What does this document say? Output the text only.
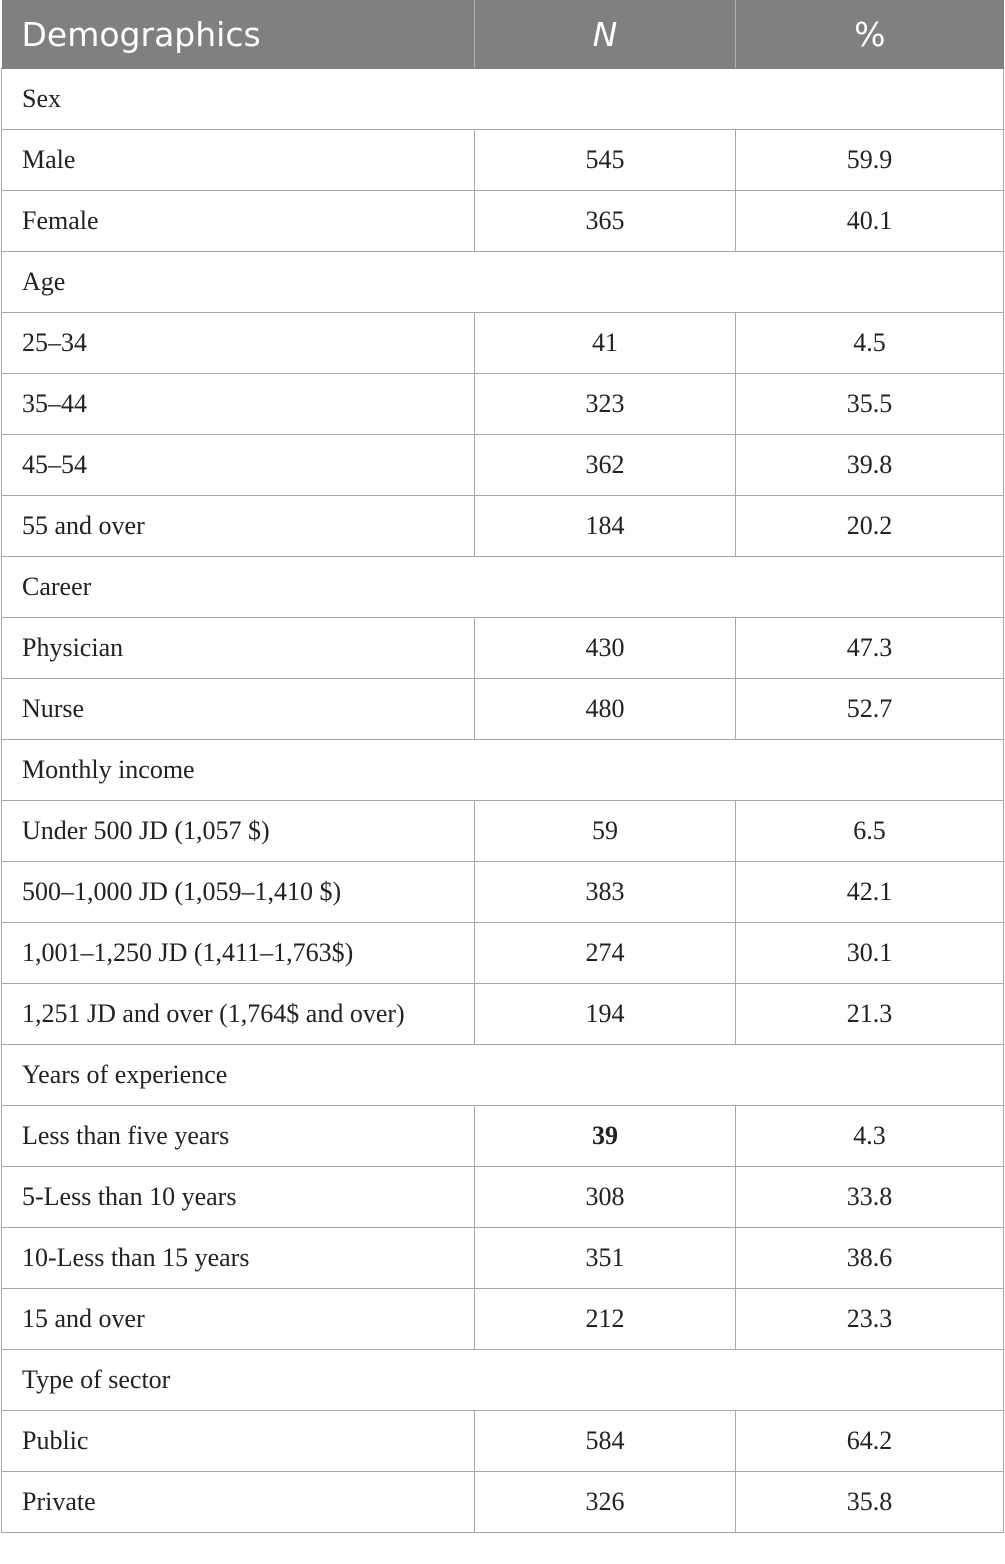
Demographics	N	%
Sex		
Male	545	59.9
Female	365	40.1
Age		
25–34	41	4.5
35–44	323	35.5
45–54	362	39.8
55 and over	184	20.2
Career		
Physician	430	47.3
Nurse	480	52.7
Monthly income		
Under 500 JD (1,057 $)	59	6.5
500–1,000 JD (1,059–1,410 $)	383	42.1
1,001–1,250 JD (1,411–1,763$)	274	30.1
1,251 JD and over (1,764$ and over)	194	21.3
Years of experience		
Less than five years	39	4.3
5-Less than 10 years	308	33.8
10-Less than 15 years	351	38.6
15 and over	212	23.3
Type of sector		
Public	584	64.2
Private	326	35.8
